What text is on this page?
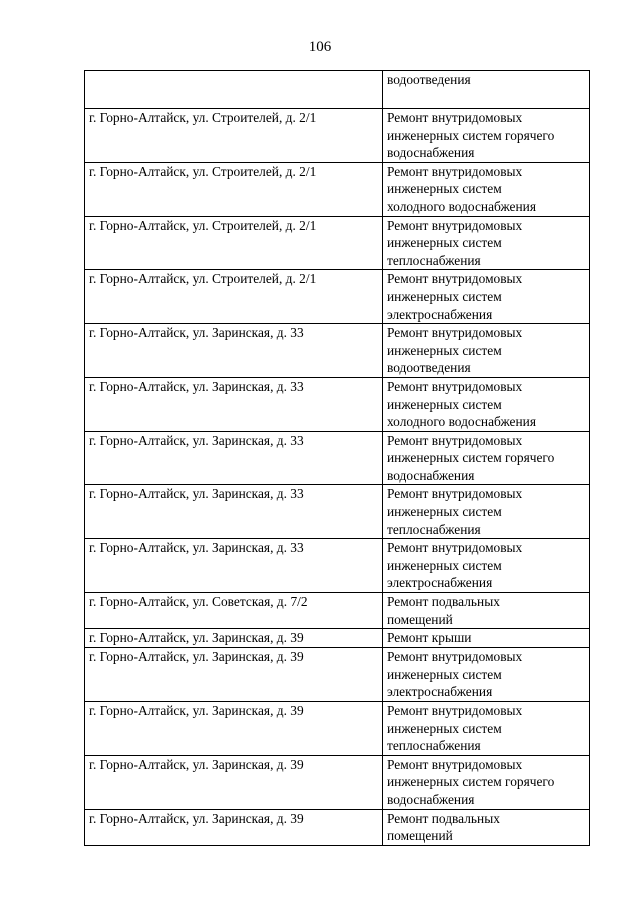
106
	водоотведения
г. Горно-Алтайск, ул. Строителей, д. 2/1	Ремонт внутридомовых
инженерных систем горячего
водоснабжения
г. Горно-Алтайск, ул. Строителей, д. 2/1	Ремонт внутридомовых
инженерных систем
холодного водоснабжения
г. Горно-Алтайск, ул. Строителей, д. 2/1	Ремонт внутридомовых
инженерных систем
теплоснабжения
г. Горно-Алтайск, ул. Строителей, д. 2/1	Ремонт внутридомовых
инженерных систем
электроснабжения
г. Горно-Алтайск, ул. Заринская, д. 33	Ремонт внутридомовых
инженерных систем
водоотведения
г. Горно-Алтайск, ул. Заринская, д. 33	Ремонт внутридомовых
инженерных систем
холодного водоснабжения
г. Горно-Алтайск, ул. Заринская, д. 33	Ремонт внутридомовых
инженерных систем горячего
водоснабжения
г. Горно-Алтайск, ул. Заринская, д. 33	Ремонт внутридомовых
инженерных систем
теплоснабжения
г. Горно-Алтайск, ул. Заринская, д. 33	Ремонт внутридомовых
инженерных систем
электроснабжения
г. Горно-Алтайск, ул. Советская, д. 7/2	Ремонт подвальных
помещений
г. Горно-Алтайск, ул. Заринская, д. 39	Ремонт крыши
г. Горно-Алтайск, ул. Заринская, д. 39	Ремонт внутридомовых
инженерных систем
электроснабжения
г. Горно-Алтайск, ул. Заринская, д. 39	Ремонт внутридомовых
инженерных систем
теплоснабжения
г. Горно-Алтайск, ул. Заринская, д. 39	Ремонт внутридомовых
инженерных систем горячего
водоснабжения
г. Горно-Алтайск, ул. Заринская, д. 39	Ремонт подвальных
помещений
